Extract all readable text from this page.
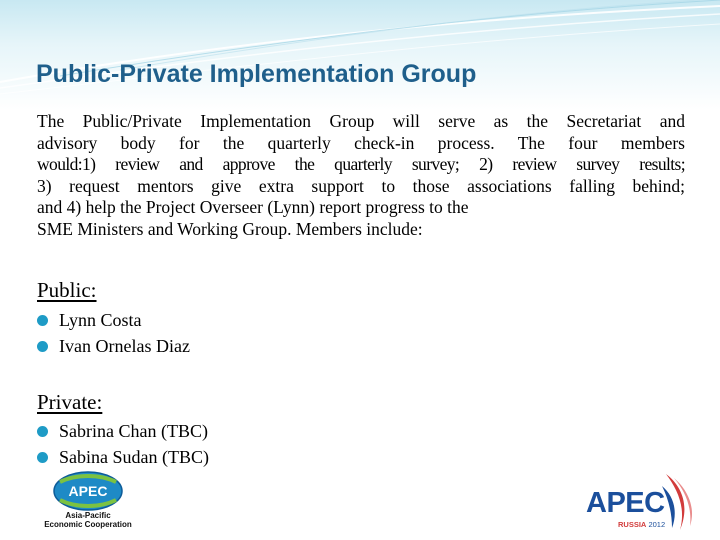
Public-Private Implementation Group

The Public/Private Implementation Group will serve as the Secretariat and
advisory body for the quarterly check-in process. The four members
would:1) review and approve the quarterly survey; 2) review survey results;
3) request mentors give extra support to those associations falling behind;
and 4) help the Project Overseer (Lynn) report progress to the
SME Ministers and Working Group. Members include:

Public:
Lynn Costa
Ivan Ornelas Diaz
Private:
Sabrina Chan (TBC)
Sabina Sudan (TBC)
APEC
Asia-Pacific
Economic Cooperation
APEC
RUSSIA 2012
